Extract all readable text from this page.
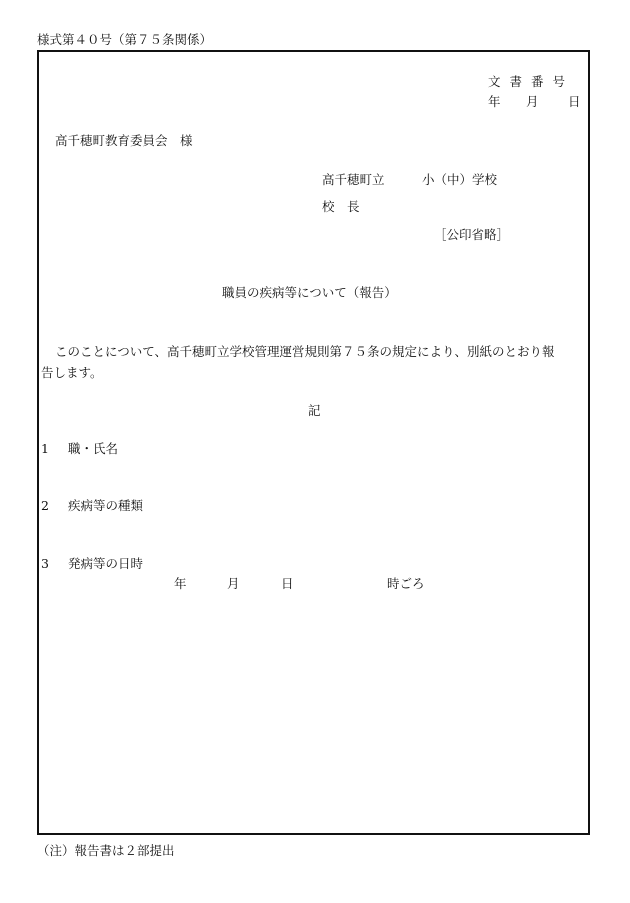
様式第４０号（第７５条関係）
文書番号
年 月 日
高千穂町教育委員会　様
高千穂町立　　　小（中）学校
校　長
［公印省略］
職員の疾病等について（報告）
このことについて、高千穂町立学校管理運営規則第７５条の規定により、別紙のとおり報
告します。
記
1 職・氏名
2 疾病等の種類
3 発病等の日時
年	月	日	時ごろ
（注）報告書は２部提出
